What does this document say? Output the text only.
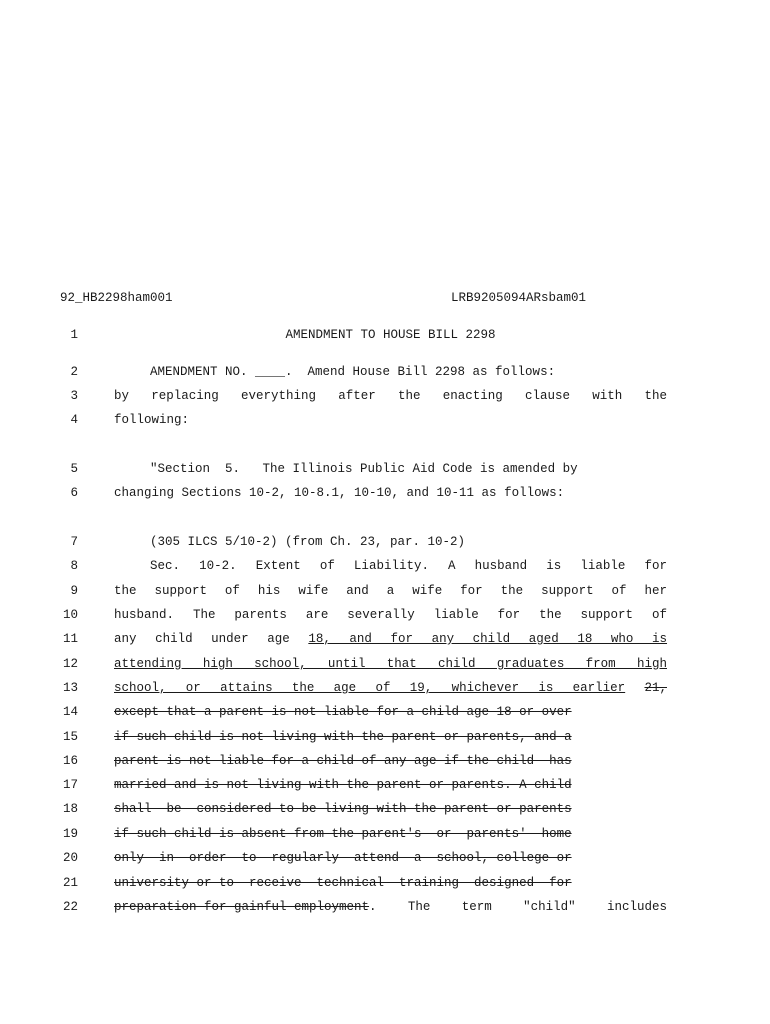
92_HB2298ham001	LRB9205094ARsbam01
1	AMENDMENT TO HOUSE BILL 2298
2	AMENDMENT NO. ____.  Amend House Bill 2298 as follows:
3	by replacing everything after the enacting clause with the
4	following:
5	"Section  5.   The Illinois Public Aid Code is amended by
6	changing Sections 10-2, 10-8.1, 10-10, and 10-11 as follows:
7	(305 ILCS 5/10-2) (from Ch. 23, par. 10-2)
8	Sec. 10-2. Extent of Liability. A husband is liable for
9	the support of his wife and a wife for the support of her
10	husband. The parents are severally liable for the support of
11	any child under age 18, and for any child aged 18 who is
12	attending high school, until that child graduates from high
13	school, or attains the age of 19, whichever is earlier 21,
14	except-that-a-parent-is-not-liable-for-a-child-age-18-or-over
15	if-such-child-is-not-living-with-the-parent-or-parents,-and-a
16	parent-is-not-liable-for-a-child-of-any-age-if-the-child--has
17	married-and-is-not-living-with-the-parent-or-parents.-A-child
18	shall--be--considered-to-be-living-with-the-parent-or-parents
19	if-such-child-is-absent-from-the-parent's--or--parents'--home
20	only--in--order--to--regularly--attend--a--school,-college-or
21	university-or-to--receive--technical--training--designed--for
22	preparation-for-gainful-employment. The term "child" includes
